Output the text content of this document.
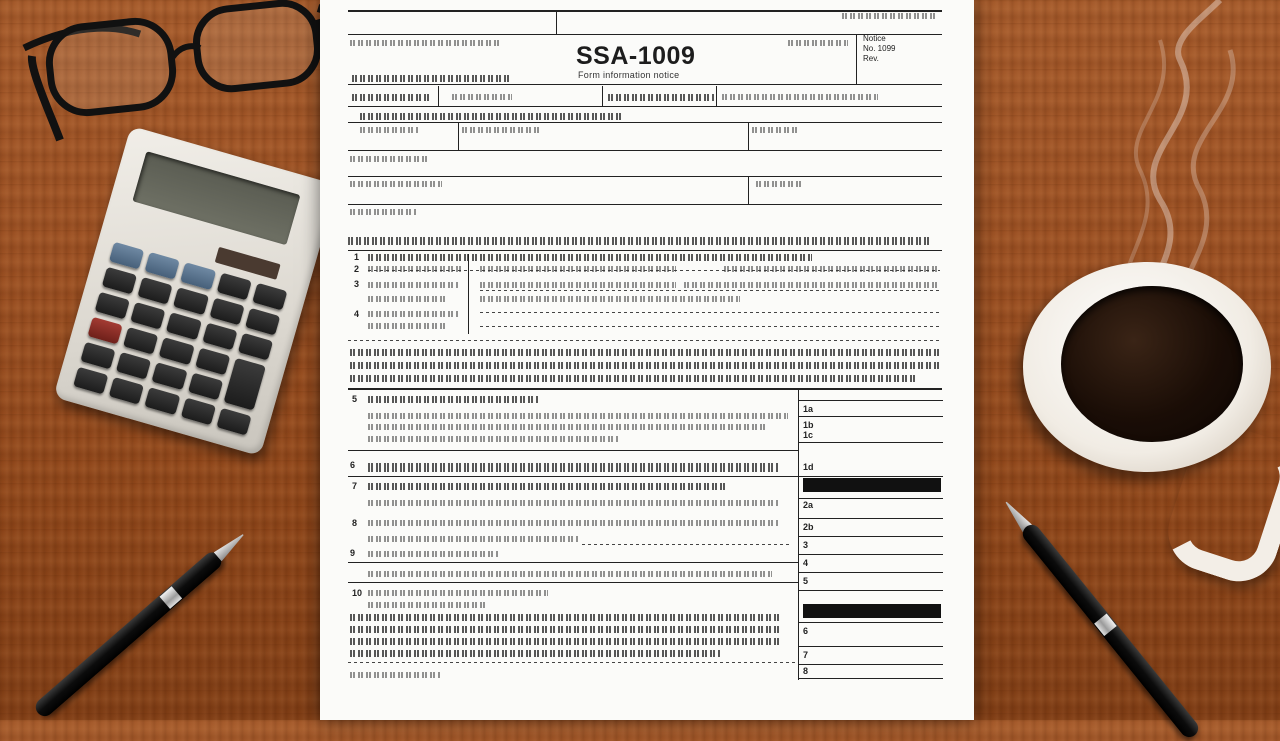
SSA-1009
Form information notice
Notice
No. 1099
Rev.
1
2
3
4
1a
1b
1c
1d
2a
2b
3
4
5
6
7
8
5
6
7
8
9
10
